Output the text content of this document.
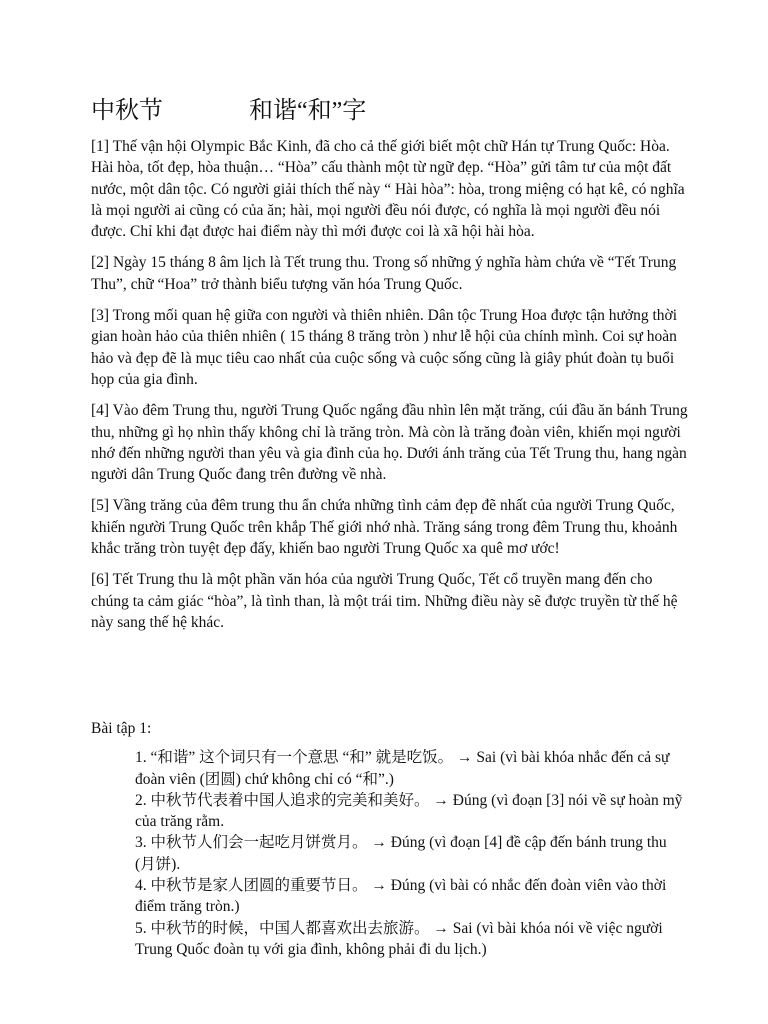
中秋节	和谐“和”字

[1] Thế vận hội Olympic Bắc Kinh, đã cho cả thế giới biết một chữ Hán tự Trung Quốc: Hòa. Hài hòa, tốt đẹp, hòa thuận… “Hòa” cấu thành một từ ngữ đẹp. “Hòa” gửi tâm tư của một đất nước, một dân tộc. Có người giải thích thế này “ Hài hòa”: hòa, trong miệng có hạt kê, có nghĩa là mọi người ai cũng có của ăn; hài, mọi người đều nói được, có nghĩa là mọi người đều nói được. Chỉ khi đạt được hai điểm này thì mới được coi là xã hội hài hòa.

[2] Ngày 15 tháng 8 âm lịch là Tết trung thu. Trong số những ý nghĩa hàm chứa về “Tết Trung Thu”, chữ “Hoa” trở thành biểu tượng văn hóa Trung Quốc.

[3] Trong mối quan hệ giữa con người và thiên nhiên. Dân tộc Trung Hoa được tận hưởng thời gian hoàn hảo của thiên nhiên ( 15 tháng 8 trăng tròn ) như lễ hội của chính mình. Coi sự hoàn hảo và đẹp đẽ là mục tiêu cao nhất của cuộc sống và cuộc sống cũng là giây phút đoàn tụ buổi họp của gia đình.

[4] Vào đêm Trung thu, người Trung Quốc ngẩng đầu nhìn lên mặt trăng, cúi đầu ăn bánh Trung thu, những gì họ nhìn thấy không chỉ là trăng tròn. Mà còn là trăng đoàn viên, khiến mọi người nhớ đến những người than yêu và gia đình của họ. Dưới ánh trăng của Tết Trung thu, hang ngàn người dân Trung Quốc đang trên đường về nhà.

[5] Vầng trăng của đêm trung thu ẩn chứa những tình cảm đẹp đẽ nhất của người Trung Quốc, khiến người Trung Quốc trên khắp Thế giới nhớ nhà. Trăng sáng trong đêm Trung thu, khoảnh khắc trăng tròn tuyệt đẹp đấy, khiến bao người Trung Quốc xa quê mơ ước!

[6] Tết Trung thu là một phần văn hóa của người Trung Quốc, Tết cổ truyền mang đến cho chúng ta cảm giác “hòa”, là tình than, là một trái tim. Những điều này sẽ được truyền từ thế hệ này sang thế hệ khác.

Bài tập 1:

1. “和谐” 这个词只有一个意思 “和” 就是吃饭。 → Sai (vì bài khóa nhắc đến cả sự đoàn viên (团圆) chứ không chỉ có “和”.)
2. 中秋节代表着中国人追求的完美和美好。 → Đúng (vì đoạn [3] nói về sự hoàn mỹ của trăng rằm.
3. 中秋节人们会一起吃月饼赏月。 → Đúng (vì đoạn [4] đề cập đến bánh trung thu (月饼).
4. 中秋节是家人团圆的重要节日。 → Đúng (vì bài có nhắc đến đoàn viên vào thời điểm trăng tròn.)
5. 中秋节的时候，中国人都喜欢出去旅游。 → Sai (vì bài khóa nói về việc người Trung Quốc đoàn tụ với gia đình, không phải đi du lịch.)
